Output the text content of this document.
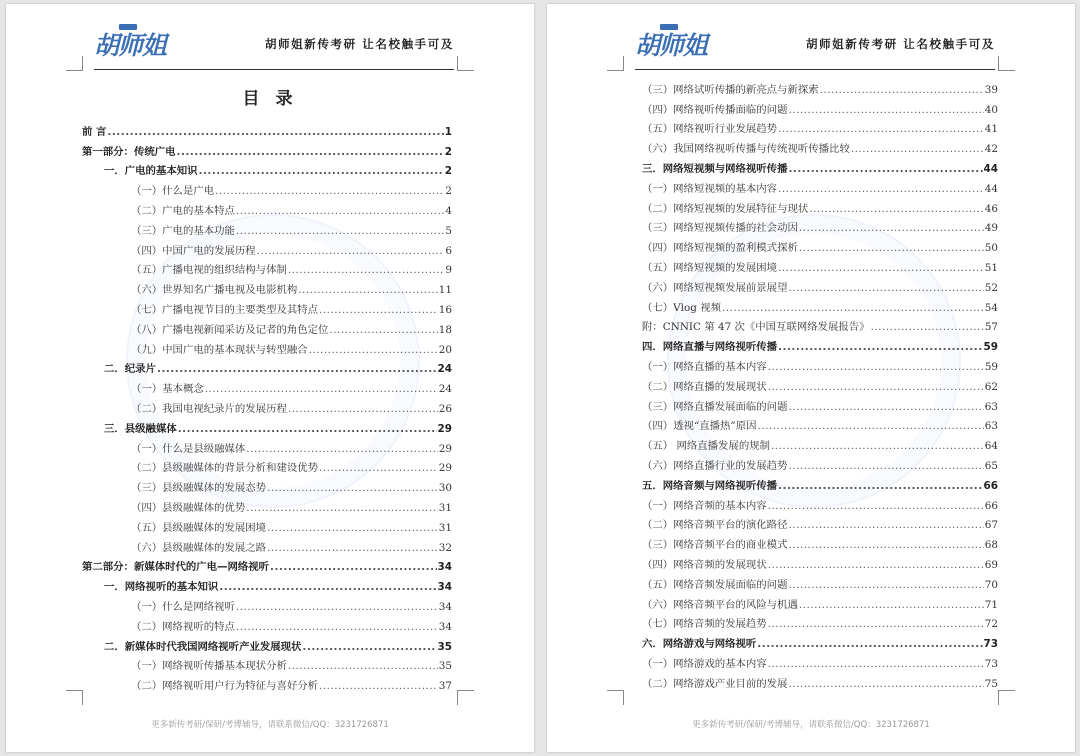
胡师姐	胡师姐新传考研 让名校触手可及
目 录
前 言 .....	1
第一部分：传统广电 .....	2
一．广电的基本知识 .....	2
（一）什么是广电 .....	2
（二）广电的基本特点 .....	4
（三）广电的基本功能 .....	5
（四）中国广电的发展历程 .....	6
（五）广播电视的组织结构与体制 .....	9
（六）世界知名广播电视及电影机构 .....	11
（七）广播电视节目的主要类型及其特点 .....	16
（八）广播电视新闻采访及记者的角色定位 .....	18
（九）中国广电的基本现状与转型融合 .....	20
二．纪录片 .....	24
（一）基本概念 .....	24
（二）我国电视纪录片的发展历程 .....	26
三．县级融媒体 .....	29
（一）什么是县级融媒体 .....	29
（二）县级融媒体的背景分析和建设优势 .....	29
（三）县级融媒体的发展态势 .....	30
（四）县级融媒体的优势 .....	31
（五）县级融媒体的发展困境 .....	31
（六）县级融媒体的发展之路 .....	32
第二部分：新媒体时代的广电—网络视听 .....	34
一．网络视听的基本知识 .....	34
（一）什么是网络视听 .....	34
（二）网络视听的特点 .....	34
二．新媒体时代我国网络视听产业发展现状 .....	35
（一）网络视听传播基本现状分析 .....	35
（二）网络视听用户行为特征与喜好分析 .....	37
更多新传考研/保研/考博辅导，请联系微信/QQ：3231726871
胡师姐	胡师姐新传考研 让名校触手可及
（三）网络试听传播的新亮点与新探索 .....	39
（四）网络视听传播面临的问题 .....	40
（五）网络视听行业发展趋势 .....	41
（六）我国网络视听传播与传统视听传播比较 .....	42
三．网络短视频与网络视听传播 .....	44
（一）网络短视频的基本内容 .....	44
（二）网络短视频的发展特征与现状 .....	46
（三）网络短视频传播的社会动因 .....	49
（四）网络短视频的盈利模式探析 .....	50
（五）网络短视频的发展困境 .....	51
（六）网络短视频发展前景展望 .....	52
（七）Vlog 视频 .....	54
附：CNNIC 第 47 次《中国互联网络发展报告》 .....	57
四．网络直播与网络视听传播 .....	59
（一）网络直播的基本内容 .....	59
（二）网络直播的发展现状 .....	62
（三）网络直播发展面临的问题 .....	63
（四）透视“直播热”原因 .....	63
（五） 网络直播发展的规制 .....	64
（六）网络直播行业的发展趋势 .....	65
五．网络音频与网络视听传播 .....	66
（一）网络音频的基本内容 .....	66
（二）网络音频平台的演化路径 .....	67
（三）网络音频平台的商业模式 .....	68
（四）网络音频的发展现状 .....	69
（五）网络音频发展面临的问题 .....	70
（六）网络音频平台的风险与机遇 .....	71
（七）网络音频的发展趋势 .....	72
六．网络游戏与网络视听 .....	73
（一）网络游戏的基本内容 .....	73
（二）网络游戏产业目前的发展 .....	75
更多新传考研/保研/考博辅导，请联系微信/QQ：3231726871
